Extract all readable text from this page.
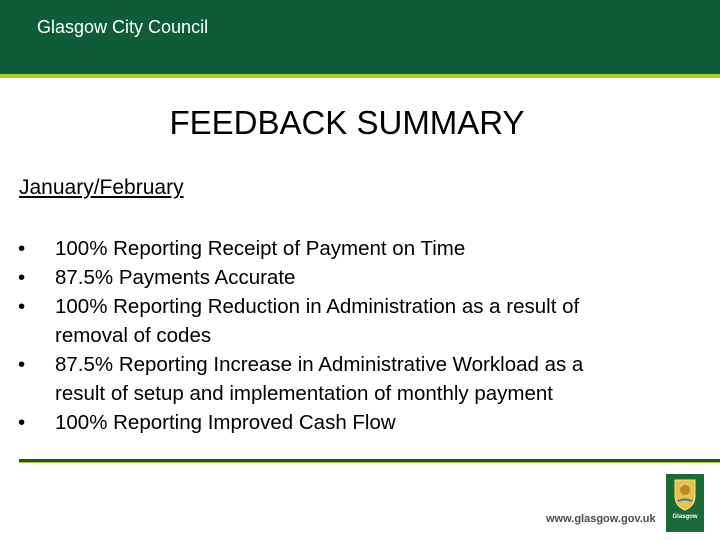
Glasgow City Council
FEEDBACK SUMMARY
January/February
•	100% Reporting Receipt of Payment on Time
•	87.5% Payments Accurate
•	100% Reporting Reduction in Administration as a result of
removal of codes
•	87.5% Reporting Increase in Administrative Workload as a
result of setup and implementation of monthly payment
•	100% Reporting Improved Cash Flow
Glasgow
www.glasgow.gov.uk
